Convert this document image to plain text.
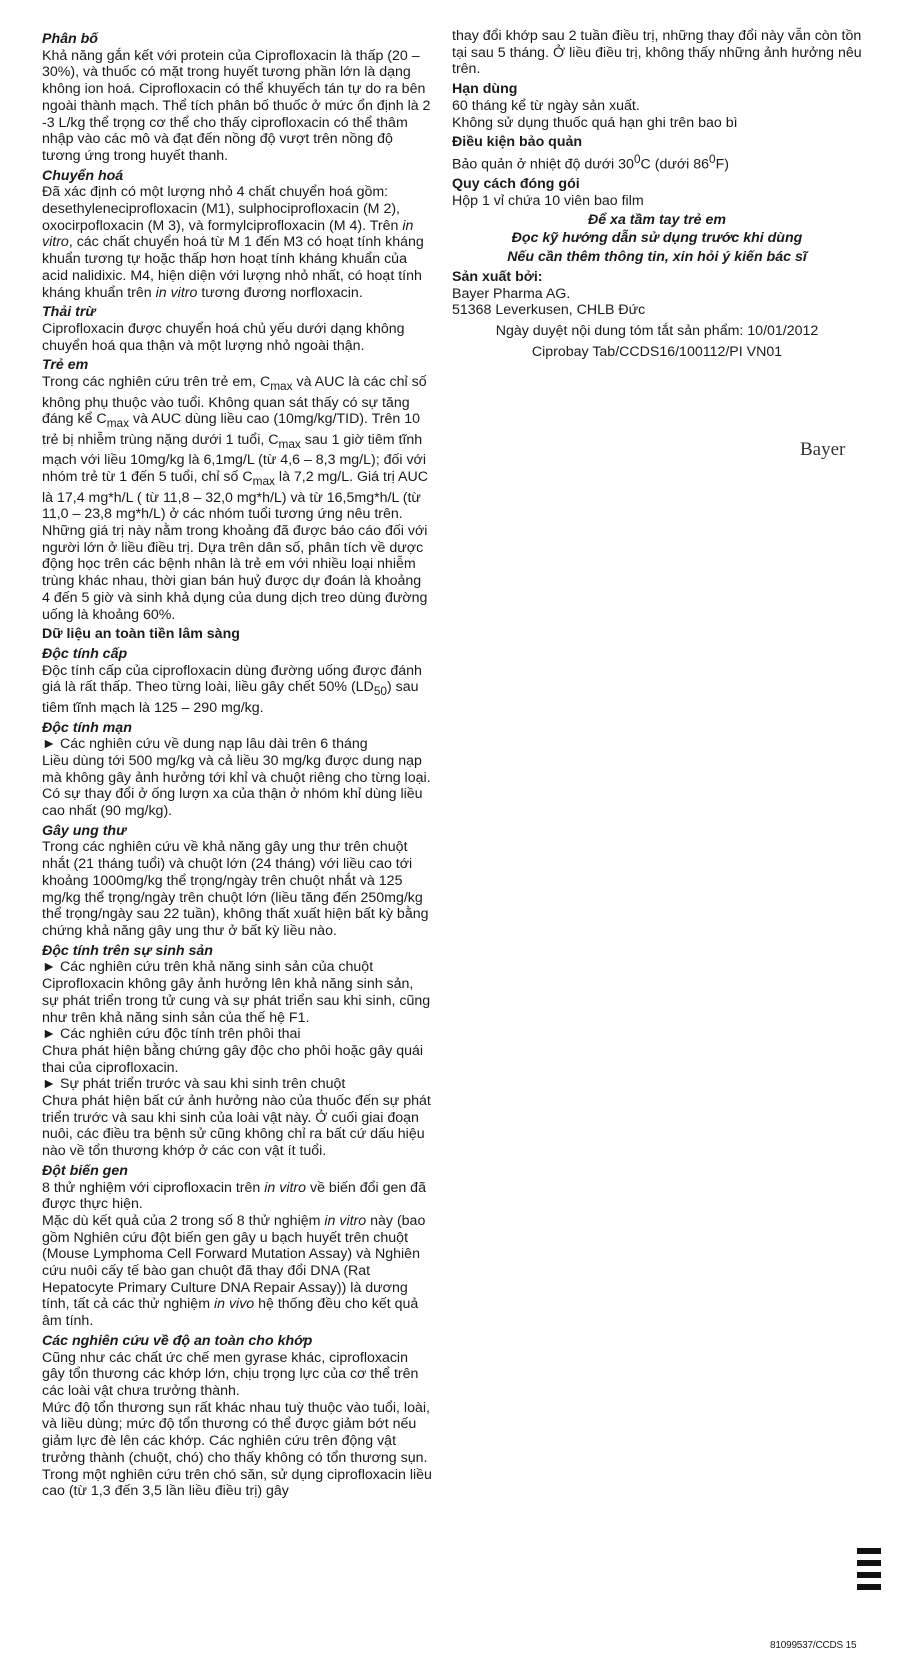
Phân bố

Khả năng gắn kết với protein của Ciprofloxacin là thấp (20 – 30%), và thuốc có mặt trong huyết tương phần lớn là dạng không ion hoá. Ciprofloxacin có thể khuyếch tán tự do ra bên ngoài thành mạch. Thể tích phân bố thuốc ở mức ổn định là 2 -3 L/kg thể trọng cơ thể cho thấy ciprofloxacin có thể thâm nhập vào các mô và đạt đến nồng độ vượt trên nồng độ tương ứng trong huyết thanh.

Chuyển hoá

Đã xác định có một lượng nhỏ 4 chất chuyển hoá gồm: desethyleneciprofloxacin (M1), sulphociprofloxacin (M 2), oxocirpofloxacin (M 3), và formylciprofloxacin (M 4). Trên in vitro, các chất chuyển hoá từ M 1 đến M3 có hoạt tính kháng khuẩn tương tự hoặc thấp hơn hoạt tính kháng khuẩn của acid nalidixic. M4, hiện diện với lượng nhỏ nhất, có hoạt tính kháng khuẩn trên in vitro tương đương norfloxacin.

Thải trừ

Ciprofloxacin được chuyển hoá chủ yếu dưới dạng không chuyển hoá qua thận và một lượng nhỏ ngoài thận.

Trẻ em

Trong các nghiên cứu trên trẻ em, $C_{max}$ và AUC là các chỉ số không phụ thuộc vào tuổi. Không quan sát thấy có sự tăng đáng kể $C_{max}$ và AUC dùng liều cao (10mg/kg/TID). Trên 10 trẻ bị nhiễm trùng nặng dưới 1 tuổi, $C_{max}$ sau 1 giờ tiêm tĩnh mạch với liều 10mg/kg là 6,1mg/L (từ 4,6 – 8,3 mg/L); đối với nhóm trẻ từ 1 đến 5 tuổi, chỉ số $C_{max}$ là 7,2 mg/L. Giá trị AUC là 17,4 mg*h/L ( từ 11,8 – 32,0 mg*h/L) và từ 16,5mg*h/L (từ 11,0 – 23,8 mg*h/L) ở các nhóm tuổi tương ứng nêu trên. Những giá trị này nằm trong khoảng đã được báo cáo đối với người lớn ở liều điều trị. Dựa trên dân số, phân tích về dược động học trên các bệnh nhân là trẻ em với nhiều loại nhiễm trùng khác nhau, thời gian bán huỷ được dự đoán là khoảng 4 đến 5 giờ và sinh khả dụng của dung dịch treo dùng đường uống là khoảng 60%.

Dữ liệu an toàn tiền lâm sàng
Độc tính cấp

Độc tính cấp của ciprofloxacin dùng đường uống được đánh giá là rất thấp. Theo từng loài, liều gây chết 50% $(LD_{50})$ sau tiêm tĩnh mạch là 125 – 290 mg/kg.

Độc tính mạn

► Các nghiên cứu về dung nạp lâu dài trên 6 tháng

Liều dùng tới 500 mg/kg và cả liều 30 mg/kg được dung nạp mà không gây ảnh hưởng tới khỉ và chuột riêng cho từng loại. Có sự thay đổi ở ống lượn xa của thận ở nhóm khỉ dùng liều cao nhất (90 mg/kg).

Gây ung thư

Trong các nghiên cứu về khả năng gây ung thư trên chuột nhắt (21 tháng tuổi) và chuột lớn (24 tháng) với liều cao tới khoảng 1000mg/kg thể trọng/ngày trên chuột nhắt và 125 mg/kg thể trọng/ngày trên chuột lớn (liều tăng đến 250mg/kg thể trọng/ngày sau 22 tuần), không thất xuất hiện bất kỳ bằng chứng khả năng gây ung thư ở bất kỳ liều nào.

Độc tính trên sự sinh sản

► Các nghiên cứu trên khả năng sinh sản của chuột

Ciprofloxacin không gây ảnh hưởng lên khả năng sinh sản, sự phát triển trong tử cung và sự phát triển sau khi sinh, cũng như trên khả năng sinh sản của thế hệ F1.

► Các nghiên cứu độc tính trên phôi thai

Chưa phát hiện bằng chứng gây độc cho phôi hoặc gây quái thai của ciprofloxacin.

► Sự phát triển trước và sau khi sinh trên chuột

Chưa phát hiện bất cứ ảnh hưởng nào của thuốc đến sự phát triển trước và sau khi sinh của loài vật này. Ở cuối giai đoạn nuôi, các điều tra bệnh sử cũng không chỉ ra bất cứ dấu hiệu nào về tổn thương khớp ở các con vật ít tuổi.

Đột biến gen

8 thử nghiệm với ciprofloxacin trên in vitro về biến đổi gen đã được thực hiện.

Mặc dù kết quả của 2 trong số 8 thử nghiệm in vitro này (bao gồm Nghiên cứu đột biến gen gây u bạch huyết trên chuột (Mouse Lymphoma Cell Forward Mutation Assay) và Nghiên cứu nuôi cấy tế bào gan chuột đã thay đổi DNA (Rat Hepatocyte Primary Culture DNA Repair Assay)) là dương tính, tất cả các thử nghiệm in vivo hệ thống đều cho kết quả âm tính.

Các nghiên cứu về độ an toàn cho khớp

Cũng như các chất ức chế men gyrase khác, ciprofloxacin gây tổn thương các khớp lớn, chịu trọng lực của cơ thể trên các loài vật chưa trưởng thành.

Mức độ tổn thương sụn rất khác nhau tuỳ thuộc vào tuổi, loài, và liều dùng; mức độ tổn thương có thể được giảm bớt nếu giảm lực đè lên các khớp. Các nghiên cứu trên động vật trưởng thành (chuột, chó) cho thấy không có tổn thương sụn. Trong một nghiên cứu trên chó săn, sử dụng ciprofloxacin liều cao (từ 1,3 đến 3,5 lần liều điều trị) gây

thay đổi khớp sau 2 tuần điều trị, những thay đổi này vẫn còn tồn tại sau 5 tháng. Ở liều điều trị, không thấy những ảnh hưởng nêu trên.

Hạn dùng

60 tháng kể từ ngày sản xuất.

Không sử dụng thuốc quá hạn ghi trên bao bì

Điều kiện bảo quản

Bảo quản ở nhiệt độ dưới $30^0C$ (dưới $86^0F$)

Quy cách đóng gói

Hộp 1 vỉ chứa 10 viên bao film

Để xa tầm tay trẻ em

Đọc kỹ hướng dẫn sử dụng trước khi dùng

Nếu cần thêm thông tin, xin hỏi ý kiến bác sĩ

Sản xuất bởi:

Bayer Pharma AG.

51368 Leverkusen, CHLB Đức

Ngày duyệt nội dung tóm tắt sản phẩm: 10/01/2012

Ciprobay Tab/CCDS16/100112/PI VN01

Bayer
81099537/CCDS 15
